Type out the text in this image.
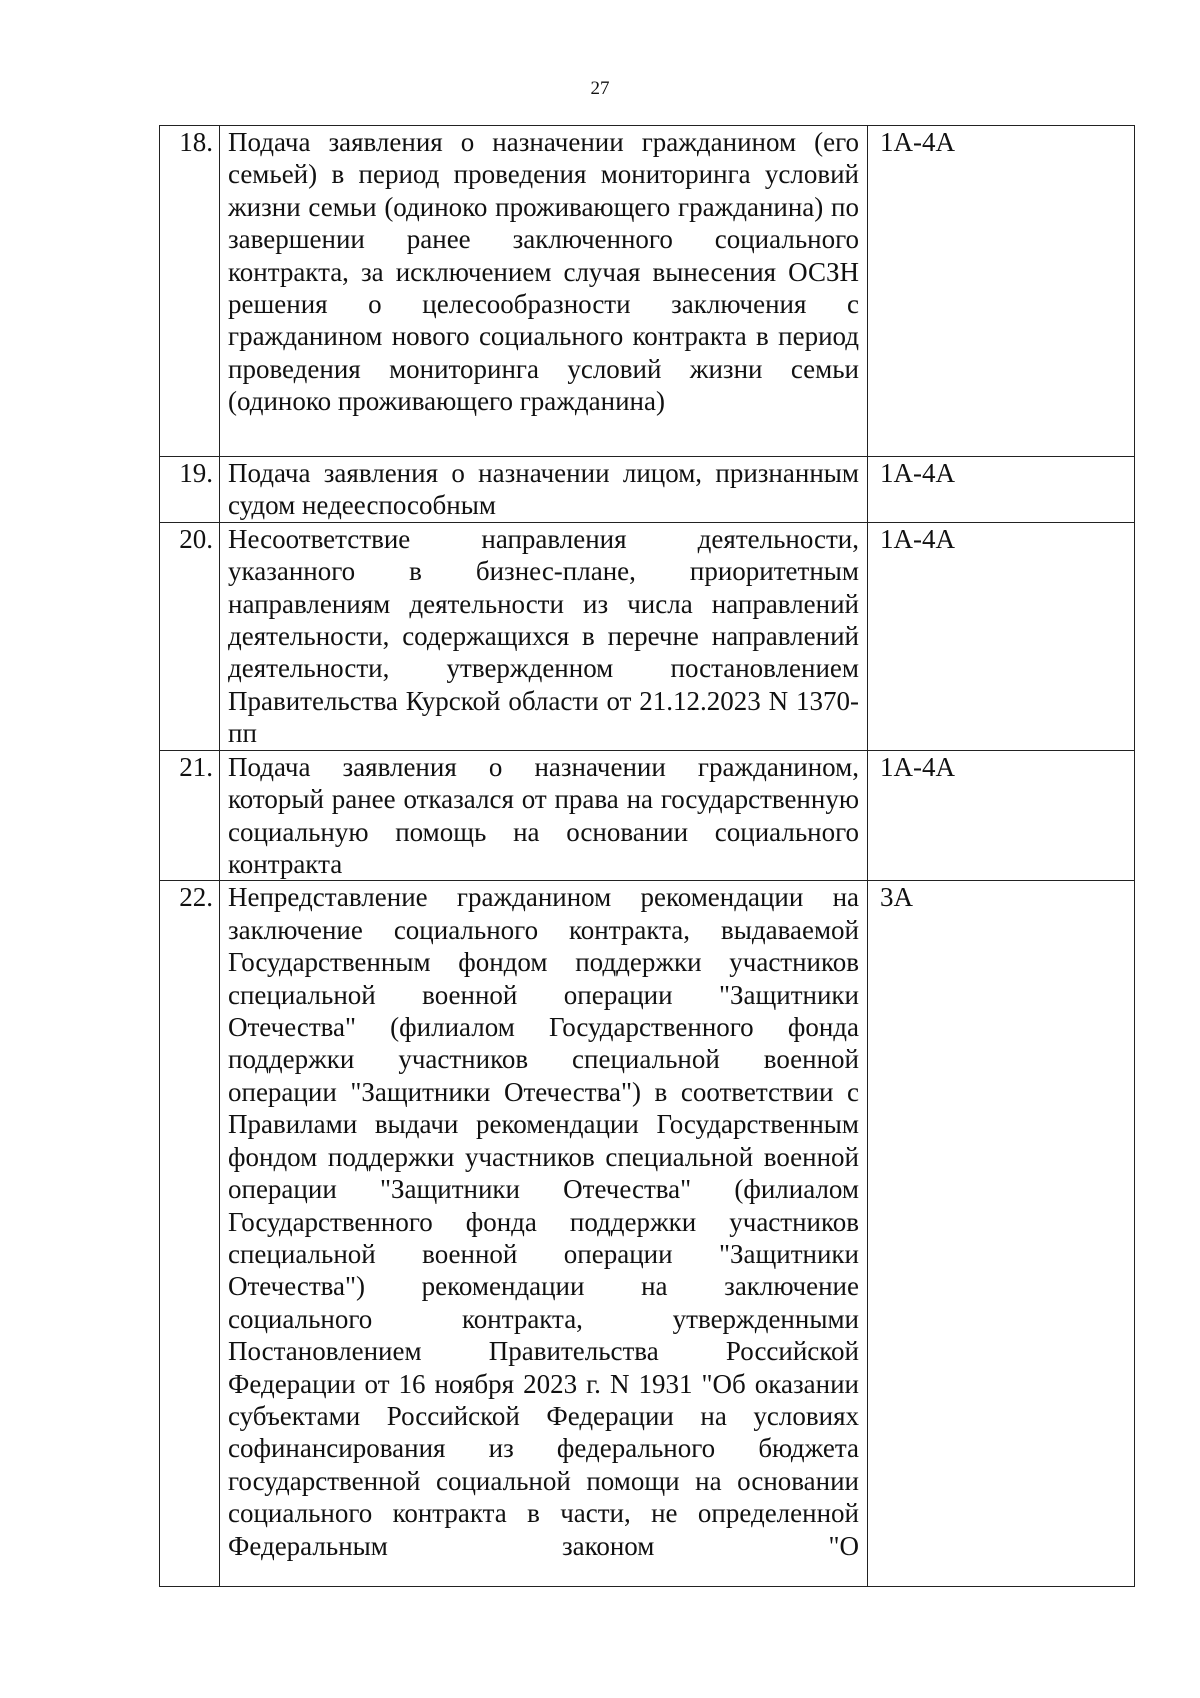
27
18.	Подача заявления о назначении гражданином (его семьей) в период проведения мониторинга условий жизни семьи (одиноко проживающего гражданина) по завершении ранее заключенного социального контракта, за исключением случая вынесения ОСЗН решения о целесообразности заключения с гражданином нового социального контракта в период проведения мониторинга условий жизни семьи (одиноко проживающего гражданина)	1А-4А
19.	Подача заявления о назначении лицом, признанным судом недееспособным	1А-4А
20.	Несоответствие направления деятельности, указанного в бизнес-плане, приоритетным направлениям деятельности из числа направлений деятельности, содержащихся в перечне направлений деятельности, утвержденном постановлением Правительства Курской области от 21.12.2023 N 1370-пп	1А-4А
21.	Подача заявления о назначении гражданином, который ранее отказался от права на государственную социальную помощь на основании социального контракта	1А-4А
22.	Непредставление гражданином рекомендации на заключение социального контракта, выдаваемой Государственным фондом поддержки участников специальной военной операции "Защитники Отечества" (филиалом Государственного фонда поддержки участников специальной военной операции "Защитники Отечества") в соответствии с Правилами выдачи рекомендации Государственным фондом поддержки участников специальной военной операции "Защитники Отечества" (филиалом Государственного фонда поддержки участников специальной военной операции "Защитники Отечества") рекомендации на заключение социального контракта, утвержденными Постановлением Правительства Российской Федерации от 16 ноября 2023 г. N 1931 "Об оказании субъектами Российской Федерации на условиях софинансирования из федерального бюджета государственной социальной помощи на основании социального контракта в части, не определенной Федеральным законом "О	3А
